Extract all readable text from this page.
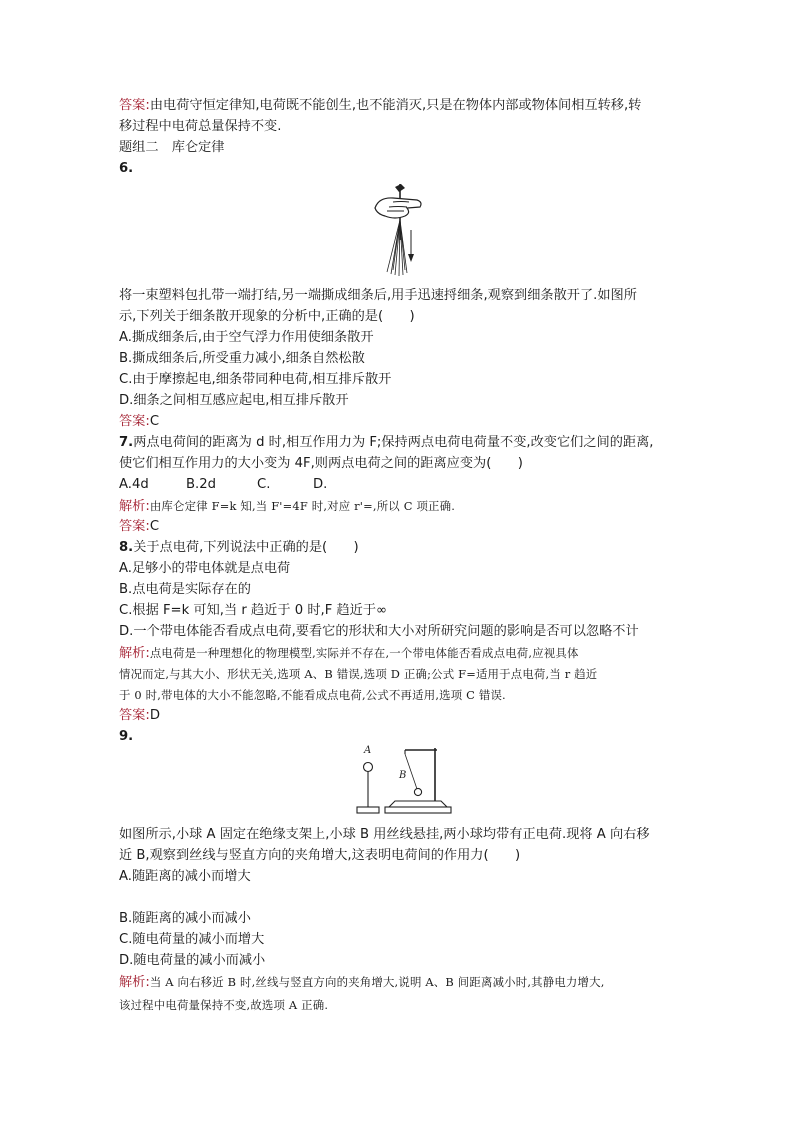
答案:由电荷守恒定律知,电荷既不能创生,也不能消灭,只是在物体内部或物体间相互转移,转
移过程中电荷总量保持不变.
题组二　库仑定律
6.
将一束塑料包扎带一端打结,另一端撕成细条后,用手迅速捋细条,观察到细条散开了.如图所
示,下列关于细条散开现象的分析中,正确的是(　　)
A.撕成细条后,由于空气浮力作用使细条散开
B.撕成细条后,所受重力减小,细条自然松散
C.由于摩擦起电,细条带同种电荷,相互排斥散开
D.细条之间相互感应起电,相互排斥散开
答案:C
7.两点电荷间的距离为 d 时,相互作用力为 F;保持两点电荷电荷量不变,改变它们之间的距离,
使它们相互作用力的大小变为 4F,则两点电荷之间的距离应变为(　　)
A.4d	B.2d	C.	D.
解析:由库仑定律 F=k 知,当 F'=4F 时,对应 r'=,所以 C 项正确.
答案:C
8.关于点电荷,下列说法中正确的是(　　)
A.足够小的带电体就是点电荷
B.点电荷是实际存在的
C.根据 F=k 可知,当 r 趋近于 0 时,F 趋近于∞
D.一个带电体能否看成点电荷,要看它的形状和大小对所研究问题的影响是否可以忽略不计
解析:点电荷是一种理想化的物理模型,实际并不存在,一个带电体能否看成点电荷,应视具体
情况而定,与其大小、形状无关,选项 A、B 错误,选项 D 正确;公式 F=适用于点电荷,当 r 趋近
于 0 时,带电体的大小不能忽略,不能看成点电荷,公式不再适用,选项 C 错误.
答案:D
9.
A
B
如图所示,小球 A 固定在绝缘支架上,小球 B 用丝线悬挂,两小球均带有正电荷.现将 A 向右移
近 B,观察到丝线与竖直方向的夹角增大,这表明电荷间的作用力(　　)
A.随距离的减小而增大
B.随距离的减小而减小
C.随电荷量的减小而增大
D.随电荷量的减小而减小
解析:当 A 向右移近 B 时,丝线与竖直方向的夹角增大,说明 A、B 间距离减小时,其静电力增大,
该过程中电荷量保持不变,故选项 A 正确.
